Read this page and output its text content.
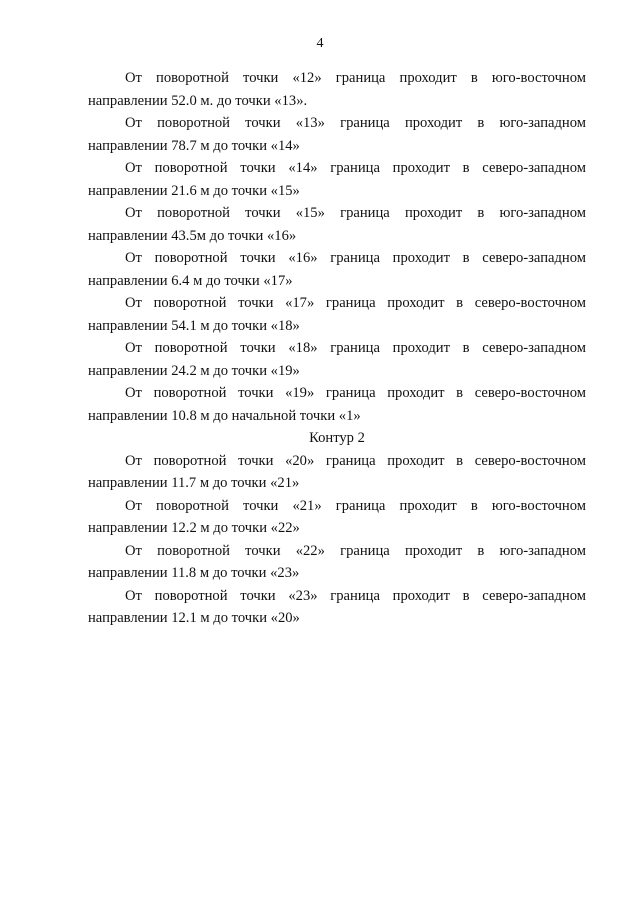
4

От поворотной точки «12» граница проходит в юго-восточном
направлении 52.0 м. до точки «13».

От поворотной точки «13» граница проходит в юго-западном
направлении 78.7 м до точки «14»

От поворотной точки «14» граница проходит в северо-западном
направлении 21.6 м до точки «15»

От поворотной точки «15» граница проходит в юго-западном
направлении 43.5м до точки «16»

От поворотной точки «16» граница проходит в северо-западном
направлении 6.4 м до точки «17»

От поворотной точки «17» граница проходит в северо-восточном
направлении 54.1 м до точки «18»

От поворотной точки «18» граница проходит в северо-западном
направлении 24.2 м до точки «19»

От поворотной точки «19» граница проходит в северо-восточном
направлении 10.8 м до начальной точки «1»

Контур 2

От поворотной точки «20» граница проходит в северо-восточном
направлении 11.7 м до точки «21»

От поворотной точки «21» граница проходит в юго-восточном
направлении 12.2 м до точки «22»

От поворотной точки «22» граница проходит в юго-западном
направлении 11.8 м до точки «23»

От поворотной точки «23» граница проходит в северо-западном
направлении 12.1 м до точки «20»
